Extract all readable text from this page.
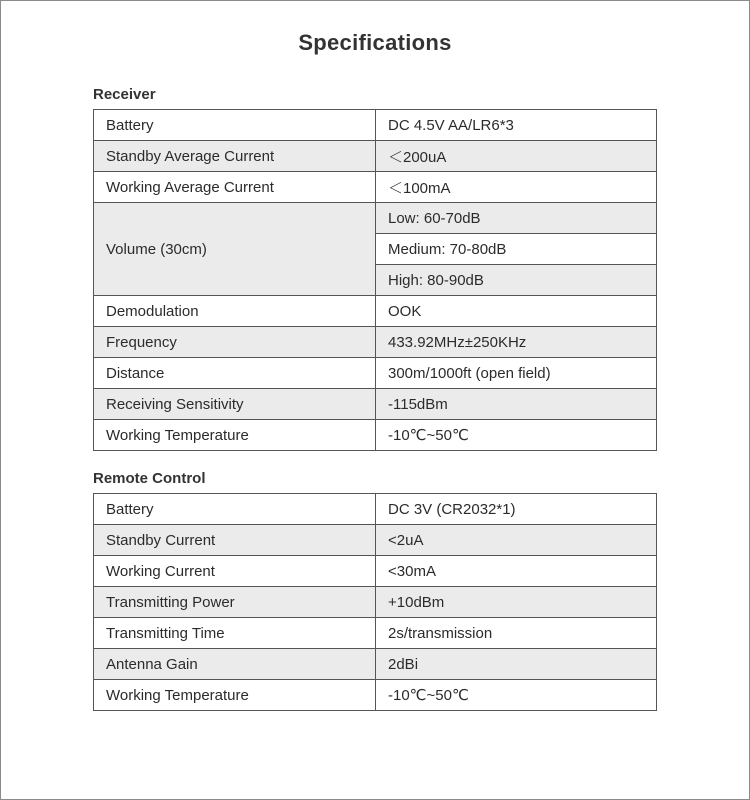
Specifications
Receiver
Battery	DC 4.5V AA/LR6*3
Standby Average Current	＜200uA
Working Average Current	＜100mA
Volume (30cm)	Low: 60-70dB
	Medium: 70-80dB
	High: 80-90dB
Demodulation	OOK
Frequency	433.92MHz±250KHz
Distance	300m/1000ft (open field)
Receiving Sensitivity	-115dBm
Working Temperature	-10℃~50℃
Remote Control
Battery	DC 3V (CR2032*1)
Standby Current	<2uA
Working Current	<30mA
Transmitting Power	+10dBm
Transmitting Time	2s/transmission
Antenna Gain	2dBi
Working Temperature	-10℃~50℃
